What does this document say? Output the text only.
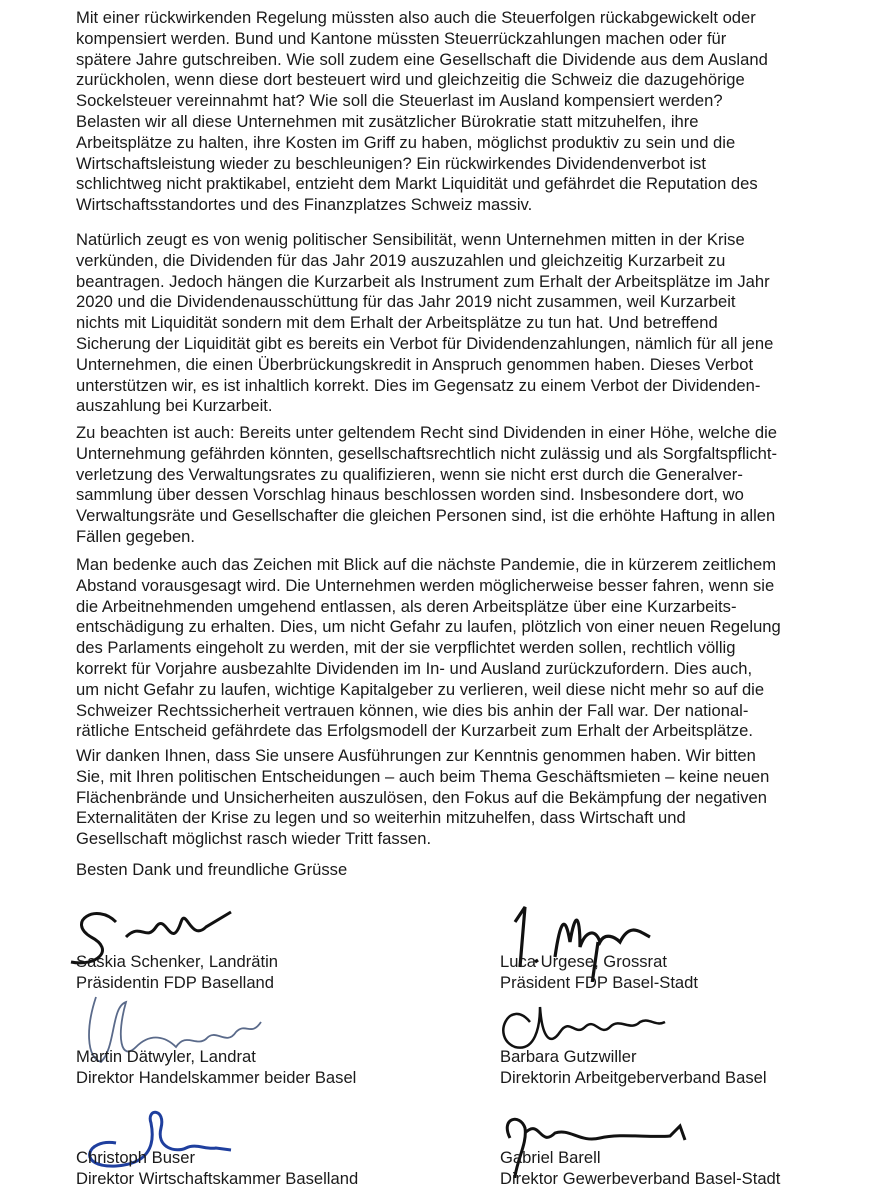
Mit einer rückwirkenden Regelung müssten also auch die Steuerfolgen rückabgewickelt oder
kompensiert werden. Bund und Kantone müssten Steuerrückzahlungen machen oder für
spätere Jahre gutschreiben. Wie soll zudem eine Gesellschaft die Dividende aus dem Ausland
zurückholen, wenn diese dort besteuert wird und gleichzeitig die Schweiz die dazugehörige
Sockelsteuer vereinnahmt hat? Wie soll die Steuerlast im Ausland kompensiert werden?
Belasten wir all diese Unternehmen mit zusätzlicher Bürokratie statt mitzuhelfen, ihre
Arbeitsplätze zu halten, ihre Kosten im Griff zu haben, möglichst produktiv zu sein und die
Wirtschaftsleistung wieder zu beschleunigen? Ein rückwirkendes Dividendenverbot ist
schlichtweg nicht praktikabel, entzieht dem Markt Liquidität und gefährdet die Reputation des
Wirtschaftsstandortes und des Finanzplatzes Schweiz massiv.
Natürlich zeugt es von wenig politischer Sensibilität, wenn Unternehmen mitten in der Krise
verkünden, die Dividenden für das Jahr 2019 auszuzahlen und gleichzeitig Kurzarbeit zu
beantragen. Jedoch hängen die Kurzarbeit als Instrument zum Erhalt der Arbeitsplätze im Jahr
2020 und die Dividendenausschüttung für das Jahr 2019 nicht zusammen, weil Kurzarbeit
nichts mit Liquidität sondern mit dem Erhalt der Arbeitsplätze zu tun hat. Und betreffend
Sicherung der Liquidität gibt es bereits ein Verbot für Dividendenzahlungen, nämlich für all jene
Unternehmen, die einen Überbrückungskredit in Anspruch genommen haben. Dieses Verbot
unterstützen wir, es ist inhaltlich korrekt. Dies im Gegensatz zu einem Verbot der Dividenden-
auszahlung bei Kurzarbeit.
Zu beachten ist auch: Bereits unter geltendem Recht sind Dividenden in einer Höhe, welche die
Unternehmung gefährden könnten, gesellschaftsrechtlich nicht zulässig und als Sorgfaltspflicht-
verletzung des Verwaltungsrates zu qualifizieren, wenn sie nicht erst durch die Generalver-
sammlung über dessen Vorschlag hinaus beschlossen worden sind. Insbesondere dort, wo
Verwaltungsräte und Gesellschafter die gleichen Personen sind, ist die erhöhte Haftung in allen
Fällen gegeben.
Man bedenke auch das Zeichen mit Blick auf die nächste Pandemie, die in kürzerem zeitlichem
Abstand vorausgesagt wird. Die Unternehmen werden möglicherweise besser fahren, wenn sie
die Arbeitnehmenden umgehend entlassen, als deren Arbeitsplätze über eine Kurzarbeits-
entschädigung zu erhalten. Dies, um nicht Gefahr zu laufen, plötzlich von einer neuen Regelung
des Parlaments eingeholt zu werden, mit der sie verpflichtet werden sollen, rechtlich völlig
korrekt für Vorjahre ausbezahlte Dividenden im In- und Ausland zurückzufordern. Dies auch,
um nicht Gefahr zu laufen, wichtige Kapitalgeber zu verlieren, weil diese nicht mehr so auf die
Schweizer Rechtssicherheit vertrauen können, wie dies bis anhin der Fall war. Der national-
rätliche Entscheid gefährdete das Erfolgsmodell der Kurzarbeit zum Erhalt der Arbeitsplätze.
Wir danken Ihnen, dass Sie unsere Ausführungen zur Kenntnis genommen haben. Wir bitten
Sie, mit Ihren politischen Entscheidungen – auch beim Thema Geschäftsmieten – keine neuen
Flächenbrände und Unsicherheiten auszulösen, den Fokus auf die Bekämpfung der negativen
Externalitäten der Krise zu legen und so weiterhin mitzuhelfen, dass Wirtschaft und
Gesellschaft möglichst rasch wieder Tritt fassen.
Besten Dank und freundliche Grüsse
Saskia Schenker, Landrätin
Präsidentin FDP Baselland
Luca Urgese, Grossrat
Präsident FDP Basel-Stadt
Martin Dätwyler, Landrat
Direktor Handelskammer beider Basel
Barbara Gutzwiller
Direktorin Arbeitgeberverband Basel
Christoph Buser
Direktor Wirtschaftskammer Baselland
Gabriel Barell
Direktor Gewerbeverband Basel-Stadt
